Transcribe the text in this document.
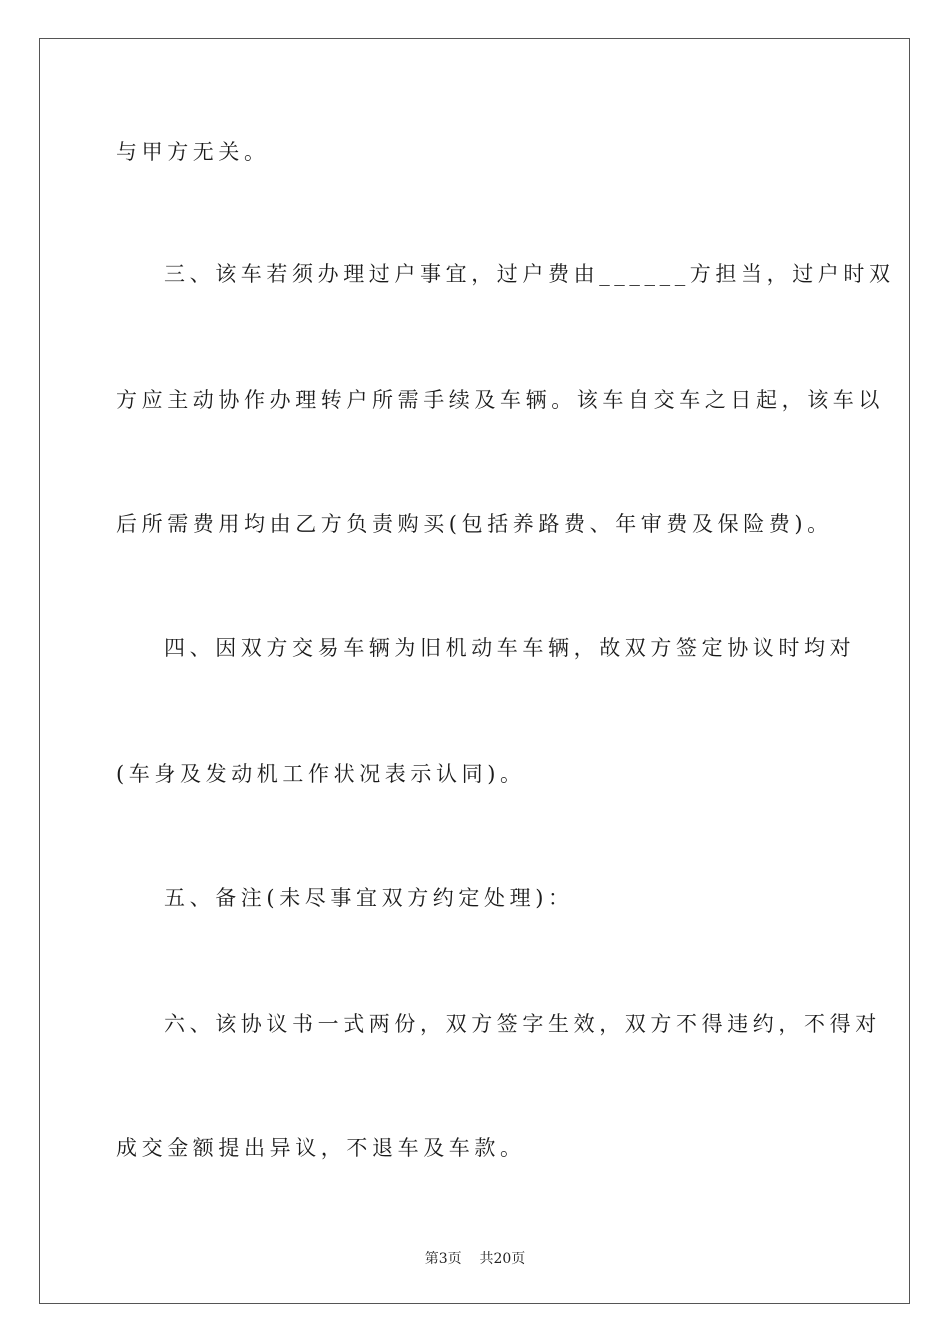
与甲方无关。
三、该车若须办理过户事宜，过户费由______方担当，过户时双
方应主动协作办理转户所需手续及车辆。该车自交车之日起，该车以
后所需费用均由乙方负责购买(包括养路费、年审费及保险费)。
四、因双方交易车辆为旧机动车车辆，故双方签定协议时均对
(车身及发动机工作状况表示认同)。
五、备注(未尽事宜双方约定处理)：
六、该协议书一式两份，双方签字生效，双方不得违约，不得对
成交金额提出异议，不退车及车款。
第3页 共20页
